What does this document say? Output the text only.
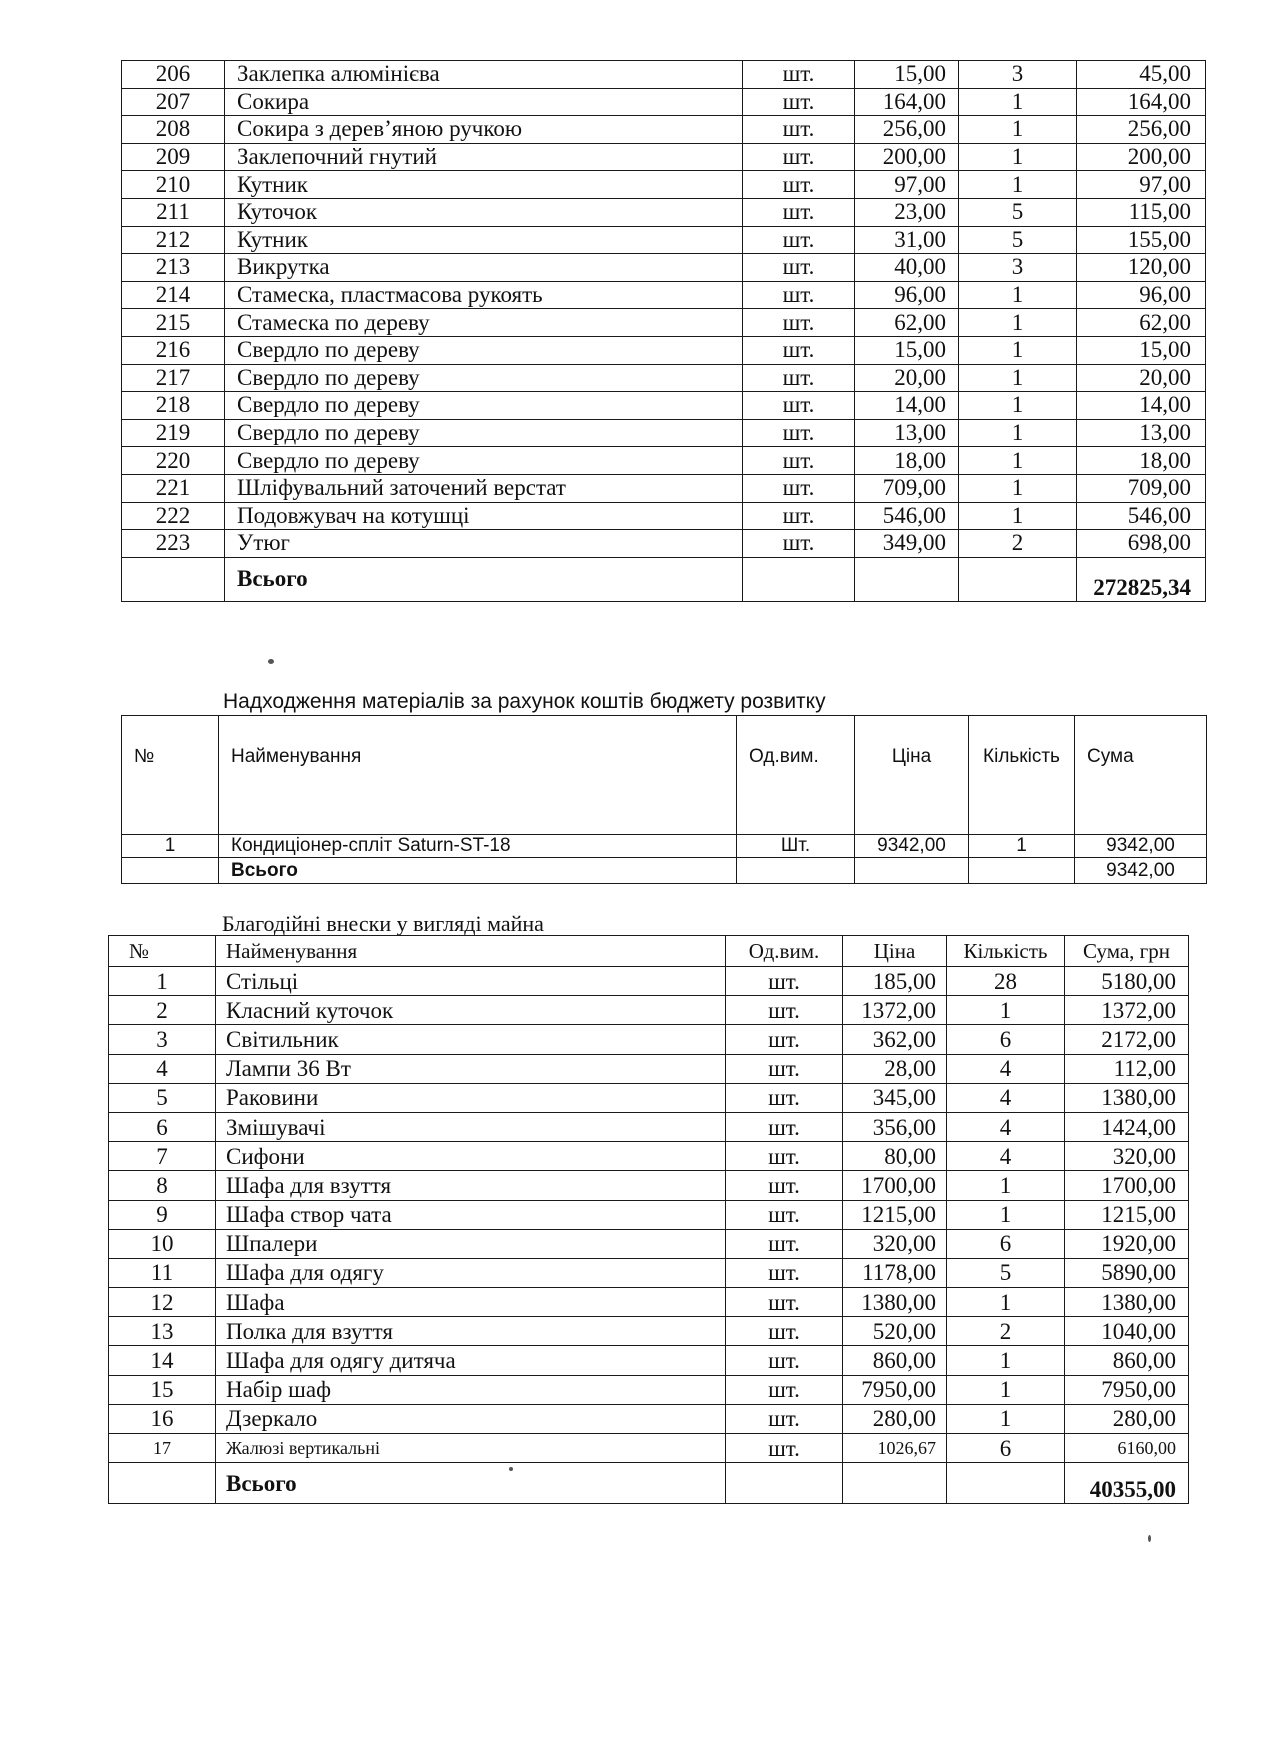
206	Заклепка алюмінієва	шт.	15,00	3	45,00
207	Сокира	шт.	164,00	1	164,00
208	Сокира з дерев’яною ручкою	шт.	256,00	1	256,00
209	Заклепочний гнутий	шт.	200,00	1	200,00
210	Кутник	шт.	97,00	1	97,00
211	Куточок	шт.	23,00	5	115,00
212	Кутник	шт.	31,00	5	155,00
213	Викрутка	шт.	40,00	3	120,00
214	Стамеска, пластмасова рукоять	шт.	96,00	1	96,00
215	Стамеска по дереву	шт.	62,00	1	62,00
216	Свердло по дереву	шт.	15,00	1	15,00
217	Свердло по дереву	шт.	20,00	1	20,00
218	Свердло по дереву	шт.	14,00	1	14,00
219	Свердло по дереву	шт.	13,00	1	13,00
220	Свердло по дереву	шт.	18,00	1	18,00
221	Шліфувальний заточений верстат	шт.	709,00	1	709,00
222	Подовжувач на котушці	шт.	546,00	1	546,00
223	Утюг	шт.	349,00	2	698,00
	Всього				272825,34
Надходження матеріалів за рахунок коштів бюджету розвитку
№	Найменування	Од.вим.	Ціна	Кількість	Сума
1	Кондиціонер-спліт Saturn-ST-18	Шт.	9342,00	1	9342,00
	Всього				9342,00
Благодійні внески у вигляді майна
№	Найменування	Од.вим.	Ціна	Кількість	Сума, грн
1	Стільці	шт.	185,00	28	5180,00
2	Класний куточок	шт.	1372,00	1	1372,00
3	Світильник	шт.	362,00	6	2172,00
4	Лампи 36 Вт	шт.	28,00	4	112,00
5	Раковини	шт.	345,00	4	1380,00
6	Змішувачі	шт.	356,00	4	1424,00
7	Сифони	шт.	80,00	4	320,00
8	Шафа для взуття	шт.	1700,00	1	1700,00
9	Шафа створ чата	шт.	1215,00	1	1215,00
10	Шпалери	шт.	320,00	6	1920,00
11	Шафа для одягу	шт.	1178,00	5	5890,00
12	Шафа	шт.	1380,00	1	1380,00
13	Полка для взуття	шт.	520,00	2	1040,00
14	Шафа для одягу дитяча	шт.	860,00	1	860,00
15	Набір шаф	шт.	7950,00	1	7950,00
16	Дзеркало	шт.	280,00	1	280,00
17	Жалюзі вертикальні	шт.	1026,67	6	6160,00
	Всього				40355,00
